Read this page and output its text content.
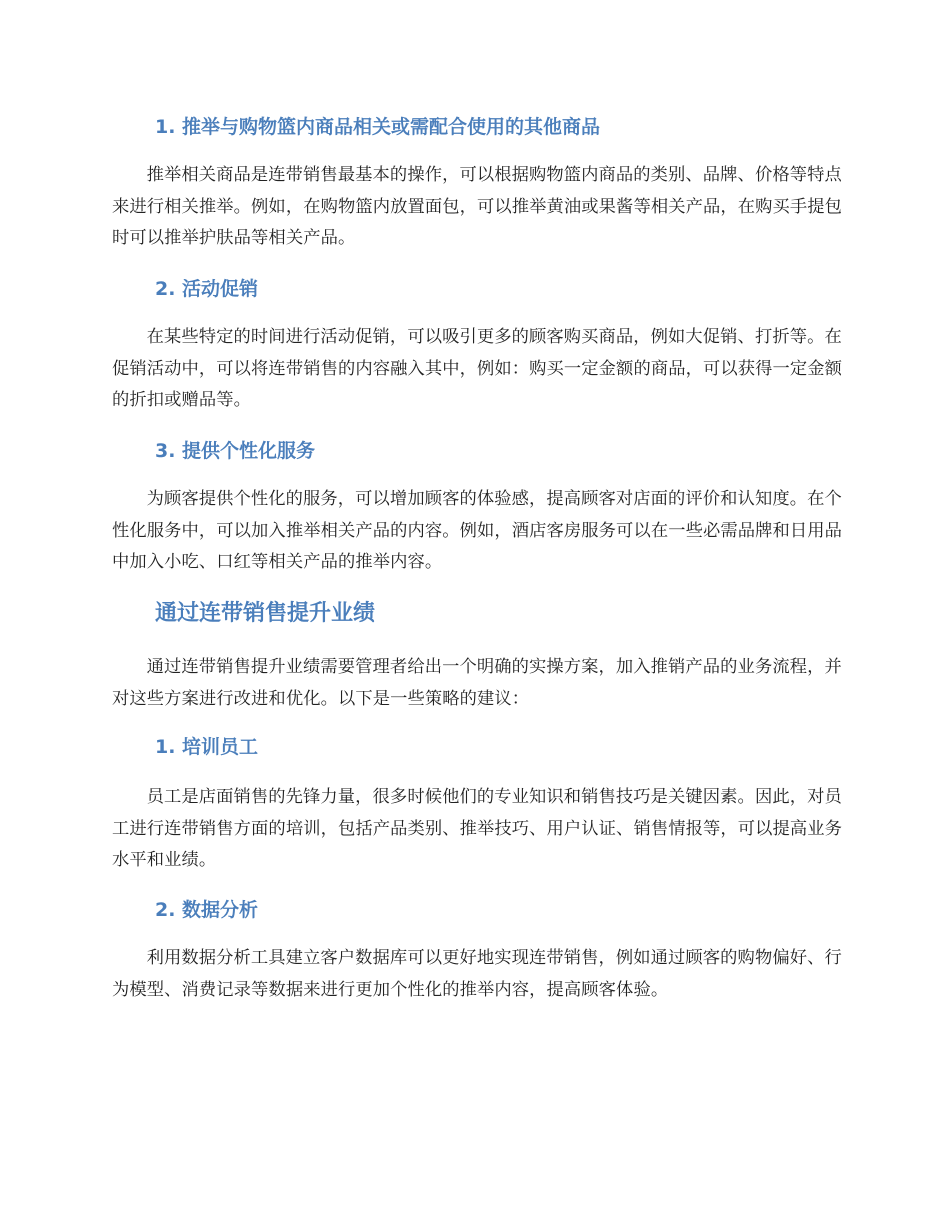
1. 推举与购物篮内商品相关或需配合使用的其他商品

推举相关商品是连带销售最基本的操作，可以根据购物篮内商品的类别、品牌、价格等特点来进行相关推举。例如，在购物篮内放置面包，可以推举黄油或果酱等相关产品，在购买手提包时可以推举护肤品等相关产品。

2. 活动促销

在某些特定的时间进行活动促销，可以吸引更多的顾客购买商品，例如大促销、打折等。在促销活动中，可以将连带销售的内容融入其中，例如：购买一定金额的商品，可以获得一定金额的折扣或赠品等。

3. 提供个性化服务

为顾客提供个性化的服务，可以增加顾客的体验感，提高顾客对店面的评价和认知度。在个性化服务中，可以加入推举相关产品的内容。例如，酒店客房服务可以在一些必需品牌和日用品中加入小吃、口红等相关产品的推举内容。

通过连带销售提升业绩

通过连带销售提升业绩需要管理者给出一个明确的实操方案，加入推销产品的业务流程，并对这些方案进行改进和优化。以下是一些策略的建议：

1. 培训员工

员工是店面销售的先锋力量，很多时候他们的专业知识和销售技巧是关键因素。因此，对员工进行连带销售方面的培训，包括产品类别、推举技巧、用户认证、销售情报等，可以提高业务水平和业绩。

2. 数据分析

利用数据分析工具建立客户数据库可以更好地实现连带销售，例如通过顾客的购物偏好、行为模型、消费记录等数据来进行更加个性化的推举内容，提高顾客体验。
